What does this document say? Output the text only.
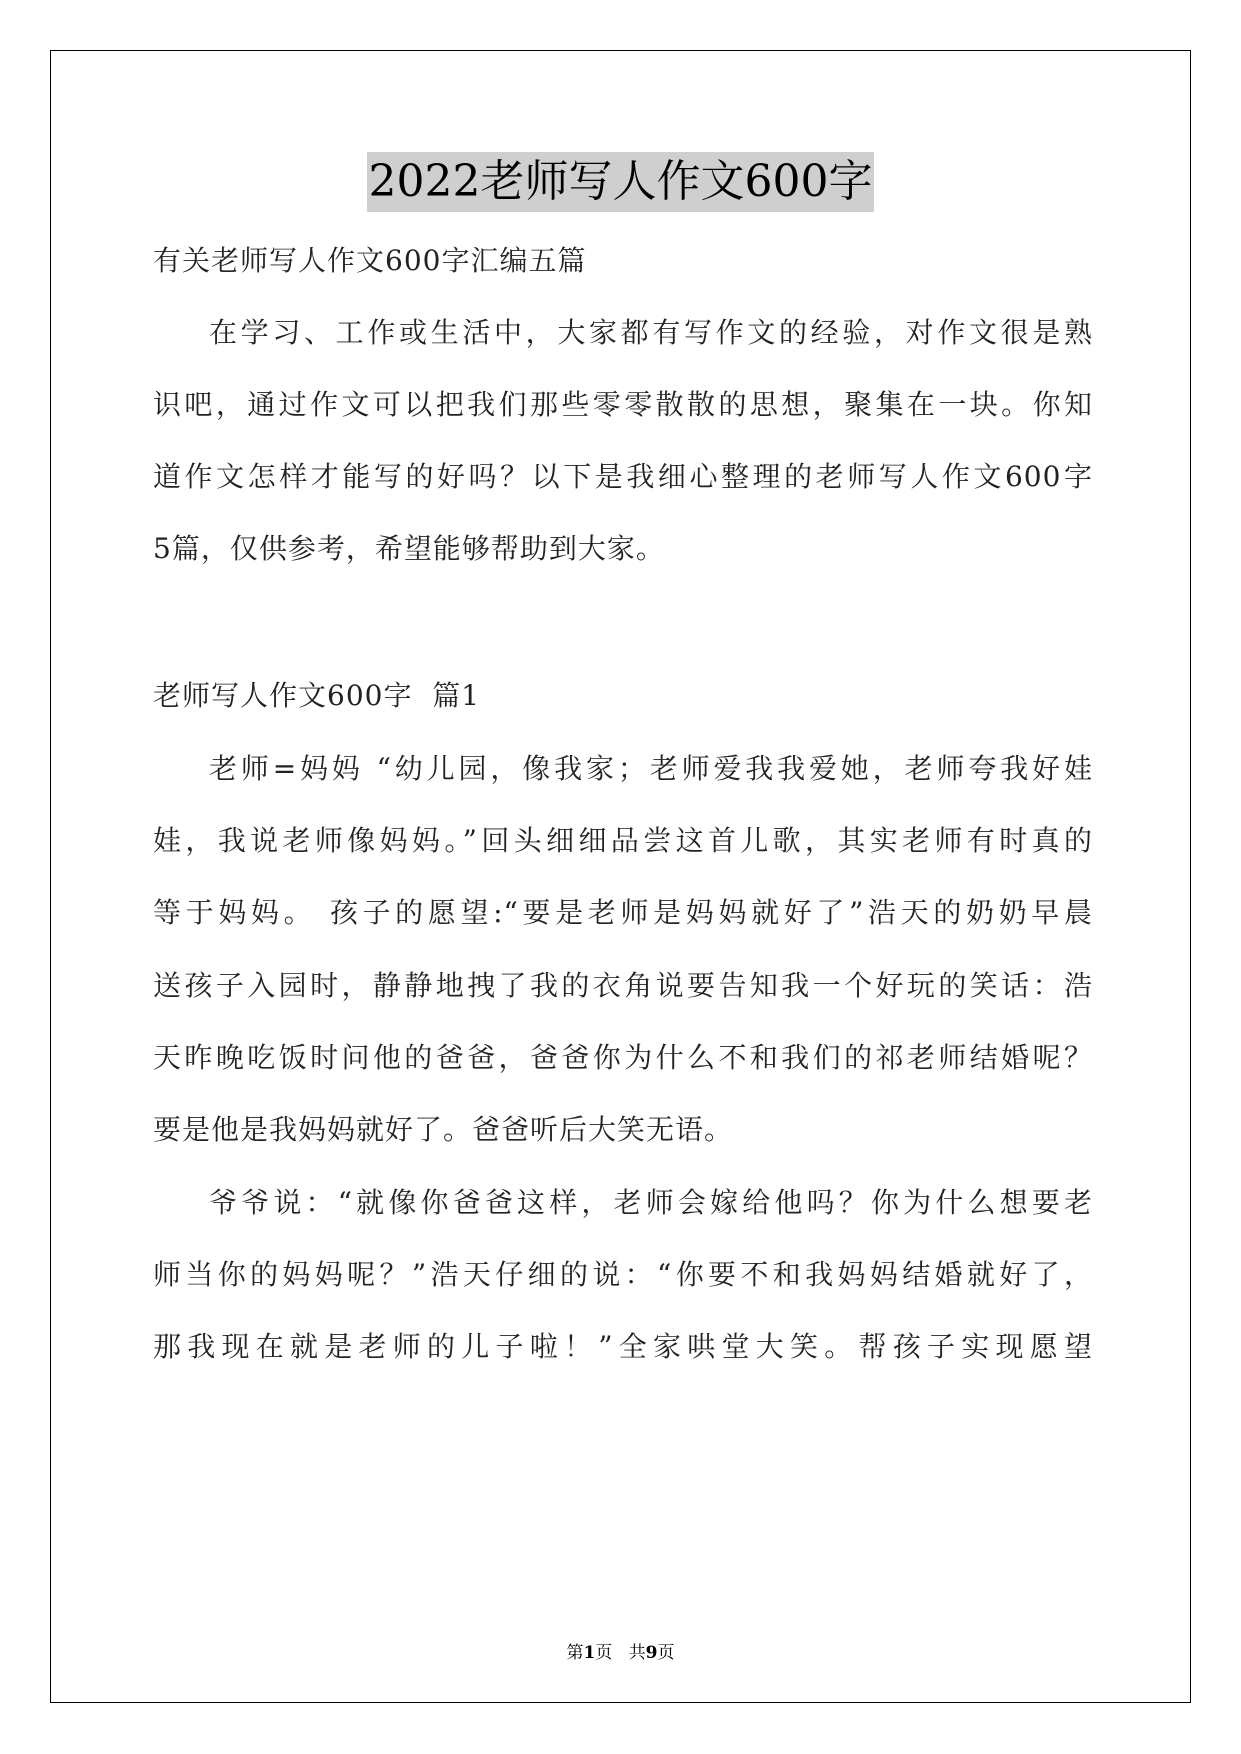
2022老师写人作文600字
有关老师写人作文600字汇编五篇
在学习、工作或生活中，大家都有写作文的经验，对作文很是熟
识吧，通过作文可以把我们那些零零散散的思想，聚集在一块。你知
道作文怎样才能写的好吗？以下是我细心整理的老师写人作文600字
5篇，仅供参考，希望能够帮助到大家。
老师写人作文600字  篇1
老师=妈妈 “幼儿园，像我家；老师爱我我爱她，老师夸我好娃
娃，我说老师像妈妈。”回头细细品尝这首儿歌，其实老师有时真的
等于妈妈。 孩子的愿望:“要是老师是妈妈就好了”浩天的奶奶早晨
送孩子入园时，静静地拽了我的衣角说要告知我一个好玩的笑话：浩
天昨晚吃饭时问他的爸爸，爸爸你为什么不和我们的祁老师结婚呢？
要是他是我妈妈就好了。爸爸听后大笑无语。
爷爷说：“就像你爸爸这样，老师会嫁给他吗？你为什么想要老
师当你的妈妈呢？”浩天仔细的说：“你要不和我妈妈结婚就好了，
那我现在就是老师的儿子啦！”全家哄堂大笑。帮孩子实现愿望
第1页 共9页
